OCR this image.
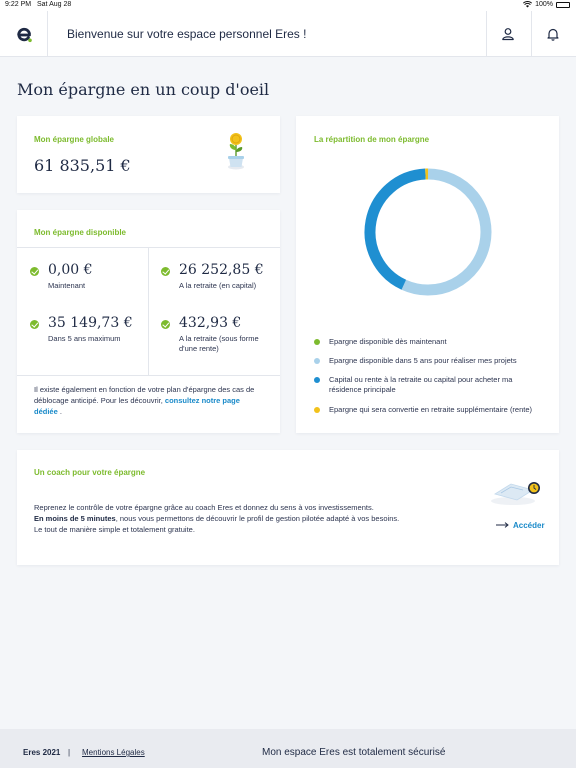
9:22 PM Sat Aug 28	100%
Bienvenue sur votre espace personnel Eres !
Mon épargne en un coup d'oeil
Mon épargne globale
61 835,51 €
Mon épargne disponible
0,00 €
Maintenant
26 252,85 €
A la retraite (en capital)
35 149,73 €
Dans 5 ans maximum
432,93 €
A la retraite (sous forme d'une rente)

Il existe également en fonction de votre plan d'épargne des cas de déblocage anticipé. Pour les découvrir, consultez notre page dédiée .

La répartition de mon épargne
Epargne disponible dès maintenant
Epargne disponible dans 5 ans pour réaliser mes projets
Capital ou rente à la retraite ou capital pour acheter ma résidence principale
Epargne qui sera convertie en retraite supplémentaire (rente)
Un coach pour votre épargne
Reprenez le contrôle de votre épargne grâce au coach Eres et donnez du sens à vos investissements.
En moins de 5 minutes, nous vous permettons de découvrir le profil de gestion pilotée adapté à vos besoins.
Le tout de manière simple et totalement gratuite.	Accéder
Eres 2021 | Mentions Légales	Mon espace Eres est totalement sécurisé
